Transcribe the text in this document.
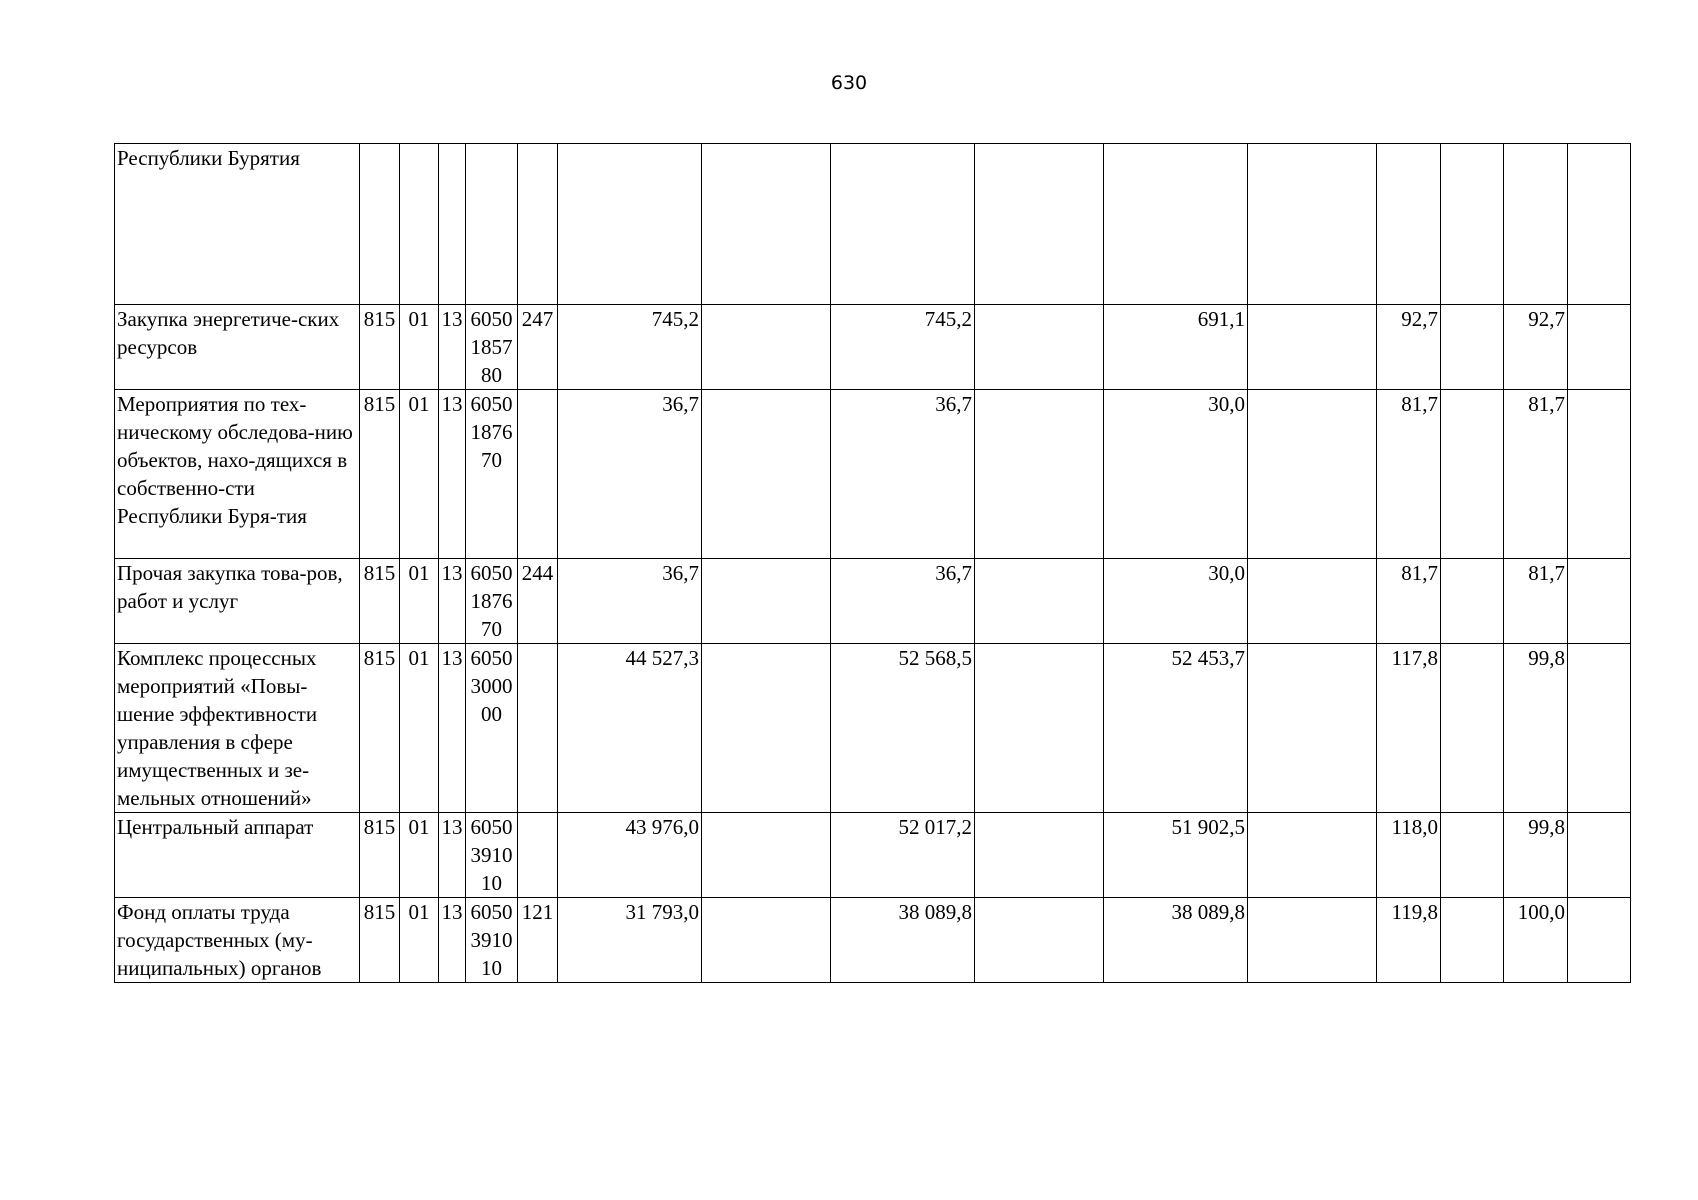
630
Республики Бурятия															
Закупка энергетиче-ских ресурсов	815	01	13	6050185780	247	745,2		745,2		691,1		92,7		92,7	
Мероприятия по тех-ническому обследова-нию объектов, нахо-дящихся в собственно-сти Республики Буря-тия	815	01	13	6050187670		36,7		36,7		30,0		81,7		81,7	
Прочая закупка това-ров, работ и услуг	815	01	13	6050187670	244	36,7		36,7		30,0		81,7		81,7	
Комплекс процессных мероприятий «Повы-шение эффективности управления в сфере имущественных и зе-мельных отношений»	815	01	13	6050300000		44 527,3		52 568,5		52 453,7		117,8		99,8	
Центральный аппарат	815	01	13	6050391010		43 976,0		52 017,2		51 902,5		118,0		99,8	
Фонд оплаты труда государственных (му-ниципальных) органов	815	01	13	6050391010	121	31 793,0		38 089,8		38 089,8		119,8		100,0	
